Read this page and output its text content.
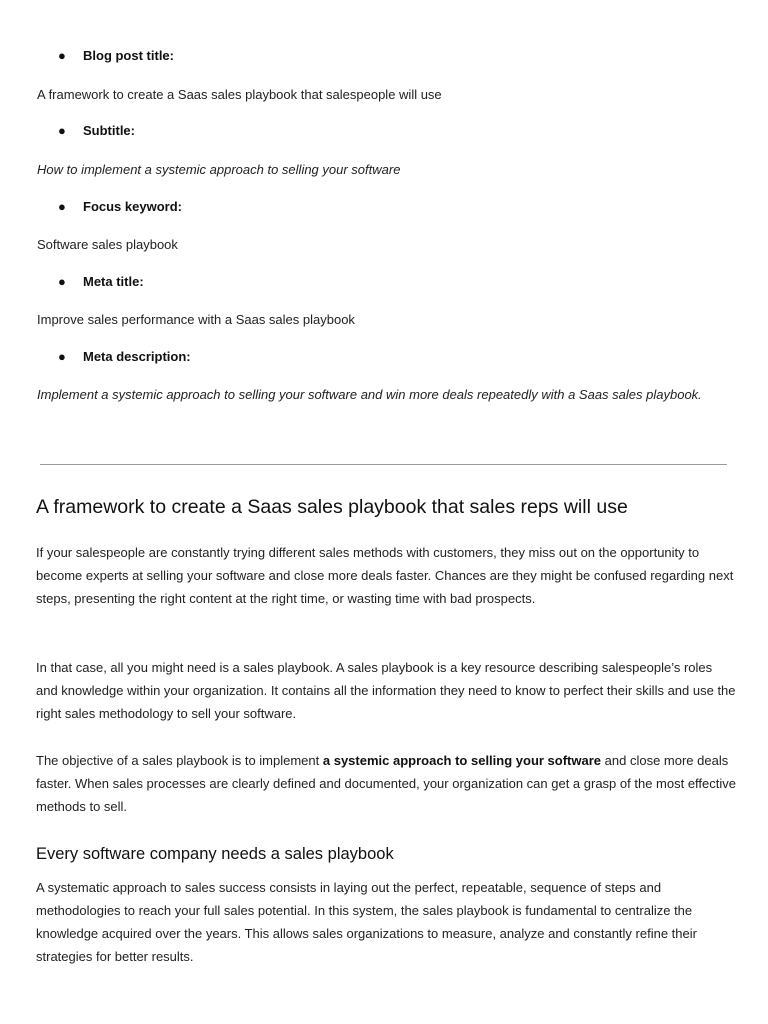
● Blog post title:
A framework to create a Saas sales playbook that salespeople will use
● Subtitle:
How to implement a systemic approach to selling your software
● Focus keyword:
Software sales playbook
● Meta title:
Improve sales performance with a Saas sales playbook
● Meta description:
Implement a systemic approach to selling your software and win more deals repeatedly with a Saas sales playbook.
A framework to create a Saas sales playbook that sales reps will use
If your salespeople are constantly trying different sales methods with customers, they miss out on the opportunity to become experts at selling your software and close more deals faster. Chances are they might be confused regarding next steps, presenting the right content at the right time, or wasting time with bad prospects.
In that case, all you might need is a sales playbook. A sales playbook is a key resource describing salespeople’s roles and knowledge within your organization. It contains all the information they need to know to perfect their skills and use the right sales methodology to sell your software.
The objective of a sales playbook is to implement a systemic approach to selling your software and close more deals faster. When sales processes are clearly defined and documented, your organization can get a grasp of the most effective methods to sell.
Every software company needs a sales playbook
A systematic approach to sales success consists in laying out the perfect, repeatable, sequence of steps and methodologies to reach your full sales potential. In this system, the sales playbook is fundamental to centralize the knowledge acquired over the years. This allows sales organizations to measure, analyze and constantly refine their strategies for better results.
